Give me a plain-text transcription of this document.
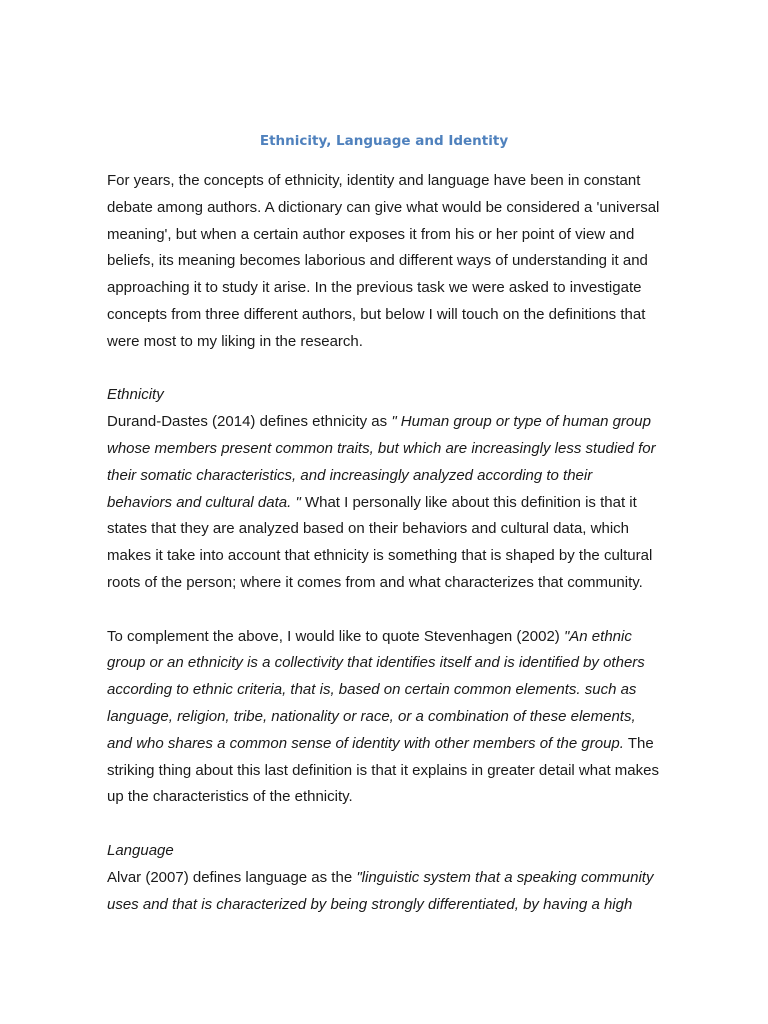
Ethnicity, Language and Identity

For years, the concepts of ethnicity, identity and language have been in constant debate among authors. A dictionary can give what would be considered a 'universal meaning', but when a certain author exposes it from his or her point of view and beliefs, its meaning becomes laborious and different ways of understanding it and approaching it to study it arise. In the previous task we were asked to investigate concepts from three different authors, but below I will touch on the definitions that were most to my liking in the research.

Ethnicity

Durand-Dastes (2014) defines ethnicity as " Human group or type of human group whose members present common traits, but which are increasingly less studied for their somatic characteristics, and increasingly analyzed according to their behaviors and cultural data. " What I personally like about this definition is that it states that they are analyzed based on their behaviors and cultural data, which makes it take into account that ethnicity is something that is shaped by the cultural roots of the person; where it comes from and what characterizes that community.

To complement the above, I would like to quote Stevenhagen (2002) "An ethnic group or an ethnicity is a collectivity that identifies itself and is identified by others according to ethnic criteria, that is, based on certain common elements. such as language, religion, tribe, nationality or race, or a combination of these elements, and who shares a common sense of identity with other members of the group. The striking thing about this last definition is that it explains in greater detail what makes up the characteristics of the ethnicity.

Language

Alvar (2007) defines language as the "linguistic system that a speaking community uses and that is characterized by being strongly differentiated, by having a high
